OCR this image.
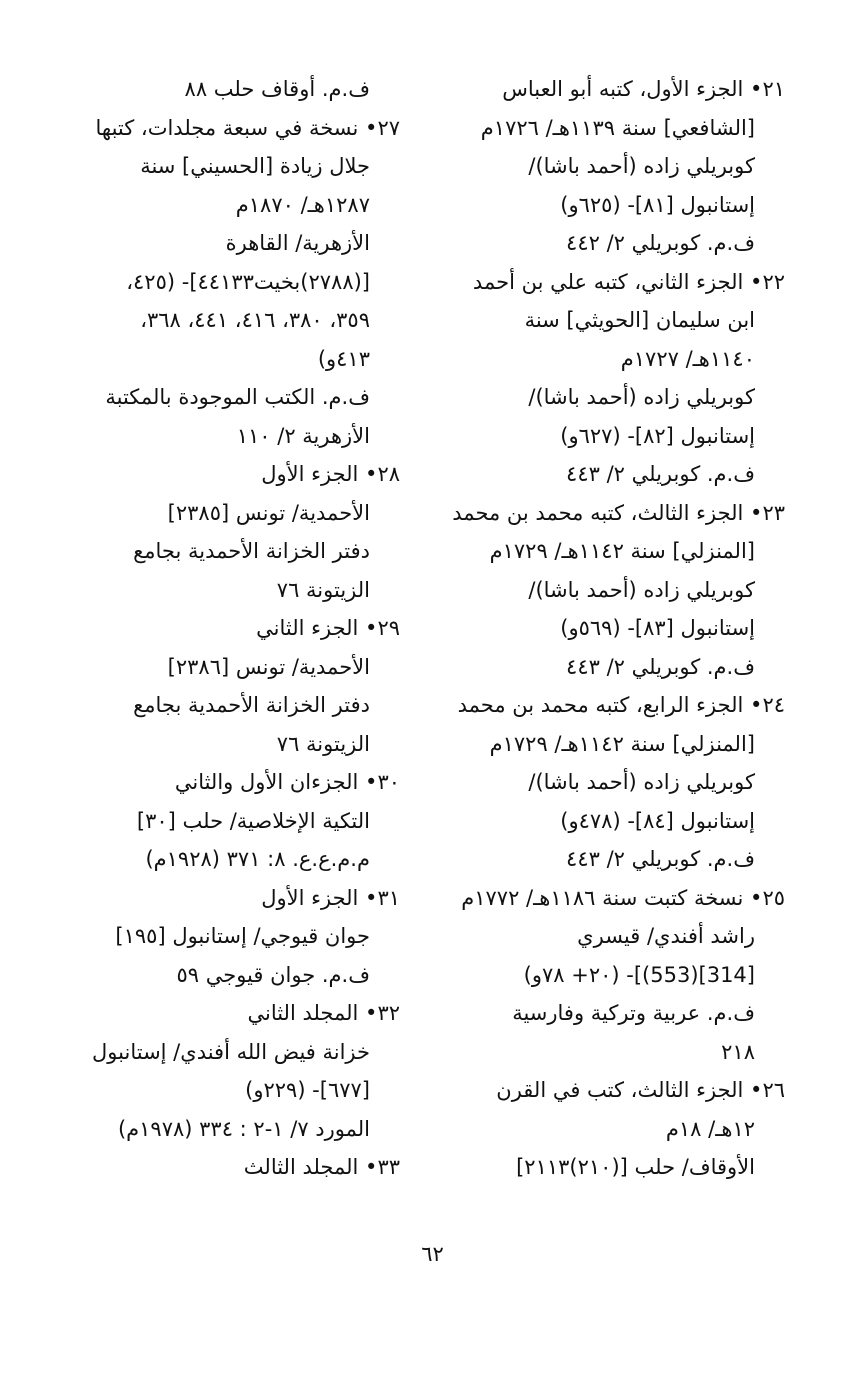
٢١• الجزء الأول، كتبه أبو العباس
[الشافعي] سنة ١١٣٩هـ/ ١٧٢٦م
كوبريلي زاده (أحمد باشا)/
إستانبول [٨١]- (٦٢٥و)
ف.م. كوبريلي ٢/ ٤٤٢
٢٢• الجزء الثاني، كتبه علي بن أحمد
ابن سليمان [الحويثي] سنة
١١٤٠هـ/ ١٧٢٧م
كوبريلي زاده (أحمد باشا)/
إستانبول [٨٢]- (٦٢٧و)
ف.م. كوبريلي ٢/ ٤٤٣
٢٣• الجزء الثالث، كتبه محمد بن محمد
[المنزلي] سنة ١١٤٢هـ/ ١٧٢٩م
كوبريلي زاده (أحمد باشا)/
إستانبول [٨٣]- (٥٦٩و)
ف.م. كوبريلي ٢/ ٤٤٣
٢٤• الجزء الرابع، كتبه محمد بن محمد
[المنزلي] سنة ١١٤٢هـ/ ١٧٢٩م
كوبريلي زاده (أحمد باشا)/
إستانبول [٨٤]- (٤٧٨و)
ف.م. كوبريلي ٢/ ٤٤٣
٢٥• نسخة كتبت سنة ١١٨٦هـ/ ١٧٧٢م
راشد أفندي/ قيسري
[314](553)]- (٢٠+ ٧٨و)
ف.م. عربية وتركية وفارسية
٢١٨
٢٦• الجزء الثالث، كتب في القرن
١٢هـ/ ١٨م
الأوقاف/ حلب [(٢١٠)٢١١٣]
ف.م. أوقاف حلب ٨٨
٢٧• نسخة في سبعة مجلدات، كتبها
جلال زيادة [الحسيني] سنة
١٢٨٧هـ/ ١٨٧٠م
الأزهرية/ القاهرة
[(٢٧٨٨)بخيت٤٤١٣٣]- (٤٢٥،
٣٥٩، ٣٨٠، ٤١٦، ٤٤١، ٣٦٨،
٤١٣و)
ف.م. الكتب الموجودة بالمكتبة
الأزهرية ٢/ ١١٠
٢٨• الجزء الأول
الأحمدية/ تونس [٢٣٨٥]
دفتر الخزانة الأحمدية بجامع
الزيتونة ٧٦
٢٩• الجزء الثاني
الأحمدية/ تونس [٢٣٨٦]
دفتر الخزانة الأحمدية بجامع
الزيتونة ٧٦
٣٠• الجزءان الأول والثاني
التكية الإخلاصية/ حلب [٣٠]
م.م.ع.ع. ٨: ٣٧١ (١٩٢٨م)
٣١• الجزء الأول
جوان قيوجي/ إستانبول [١٩٥]
ف.م. جوان قيوجي ٥٩
٣٢• المجلد الثاني
خزانة فيض الله أفندي/ إستانبول
[٦٧٧]- (٢٢٩و)
المورد ٧/ ١-٢ : ٣٣٤ (١٩٧٨م)
٣٣• المجلد الثالث
٦٢
